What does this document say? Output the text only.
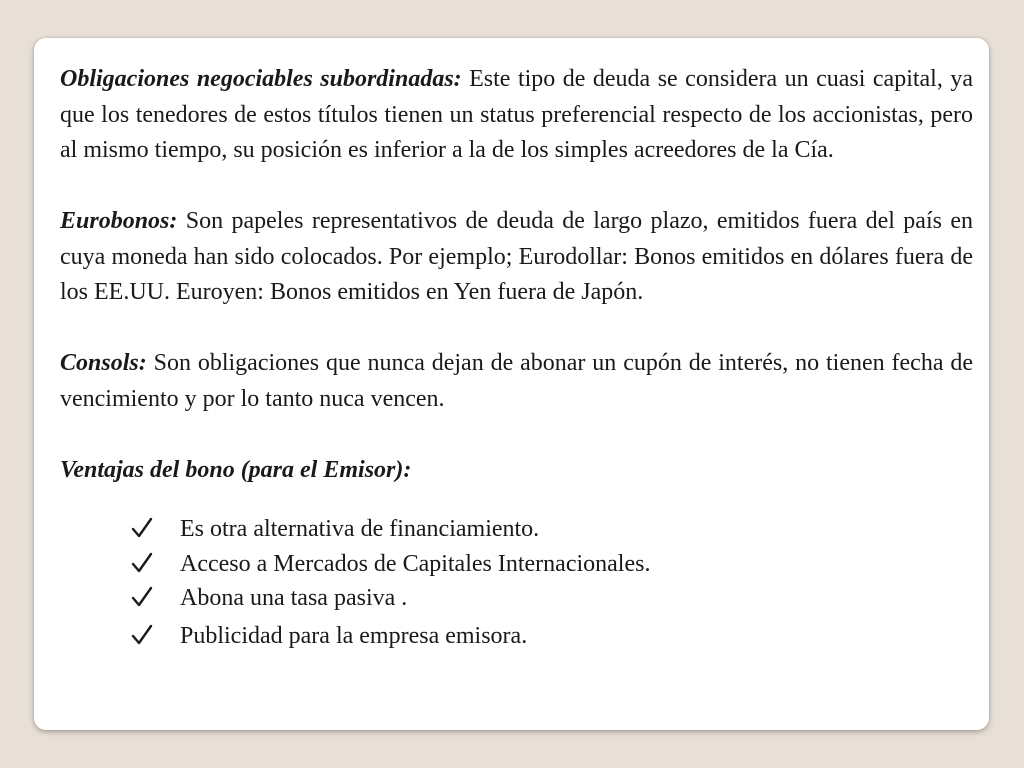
Obligaciones negociables subordinadas: Este tipo de deuda se considera un cuasi capital, ya que los tenedores de estos títulos tienen un status preferencial respecto de los accionistas, pero al mismo tiempo, su posición es inferior a la de los simples acreedores de la Cía.

Eurobonos: Son papeles representativos de deuda de largo plazo, emitidos fuera del país en cuya moneda han sido colocados. Por ejemplo; Eurodollar: Bonos emitidos en dólares fuera de los EE.UU. Euroyen: Bonos emitidos en Yen fuera de Japón.

Consols: Son obligaciones que nunca dejan de abonar un cupón de interés, no tienen fecha de vencimiento y por lo tanto nuca vencen.

Ventajas del bono (para el Emisor):

Es otra alternativa de financiamiento.
Acceso a Mercados de Capitales Internacionales.
Abona una tasa pasiva .
Publicidad para la empresa emisora.
